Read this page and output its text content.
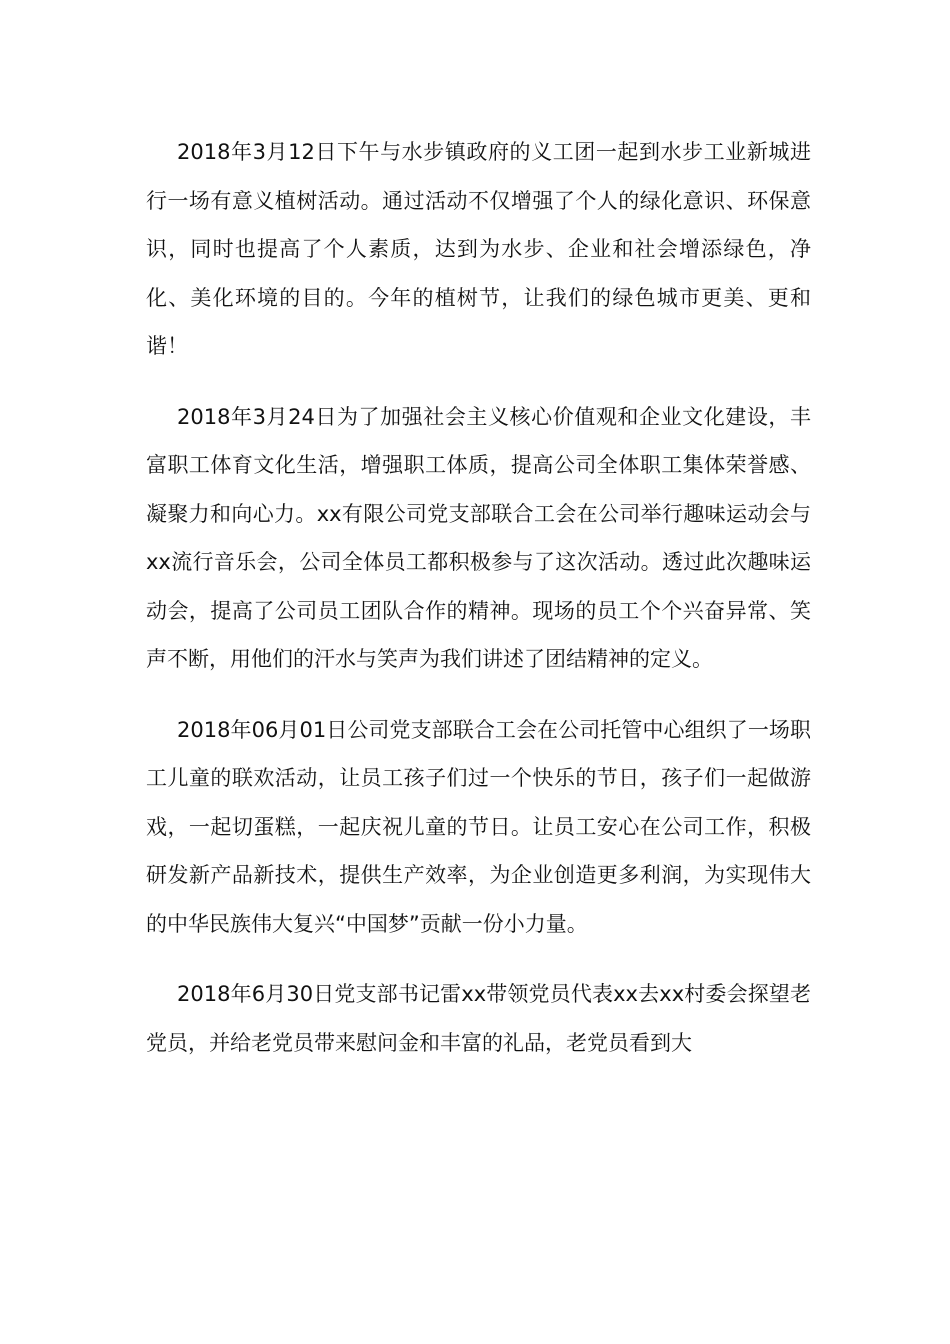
2018年3月12日下午与水步镇政府的义工团一起到水步工业新城进行一场有意义植树活动。通过活动不仅增强了个人的绿化意识、环保意识，同时也提高了个人素质，达到为水步、企业和社会增添绿色，净化、美化环境的目的。今年的植树节，让我们的绿色城市更美、更和谐！

2018年3月24日为了加强社会主义核心价值观和企业文化建设，丰富职工体育文化生活，增强职工体质，提高公司全体职工集体荣誉感、凝聚力和向心力。xx有限公司党支部联合工会在公司举行趣味运动会与xx流行音乐会，公司全体员工都积极参与了这次活动。透过此次趣味运动会，提高了公司员工团队合作的精神。现场的员工个个兴奋异常、笑声不断，用他们的汗水与笑声为我们讲述了团结精神的定义。

2018年06月01日公司党支部联合工会在公司托管中心组织了一场职工儿童的联欢活动，让员工孩子们过一个快乐的节日，孩子们一起做游戏，一起切蛋糕，一起庆祝儿童的节日。让员工安心在公司工作，积极研发新产品新技术，提供生产效率，为企业创造更多利润，为实现伟大的中华民族伟大复兴“中国梦”贡献一份小力量。

2018年6月30日党支部书记雷xx带领党员代表xx去xx村委会探望老党员，并给老党员带来慰问金和丰富的礼品，老党员看到大
